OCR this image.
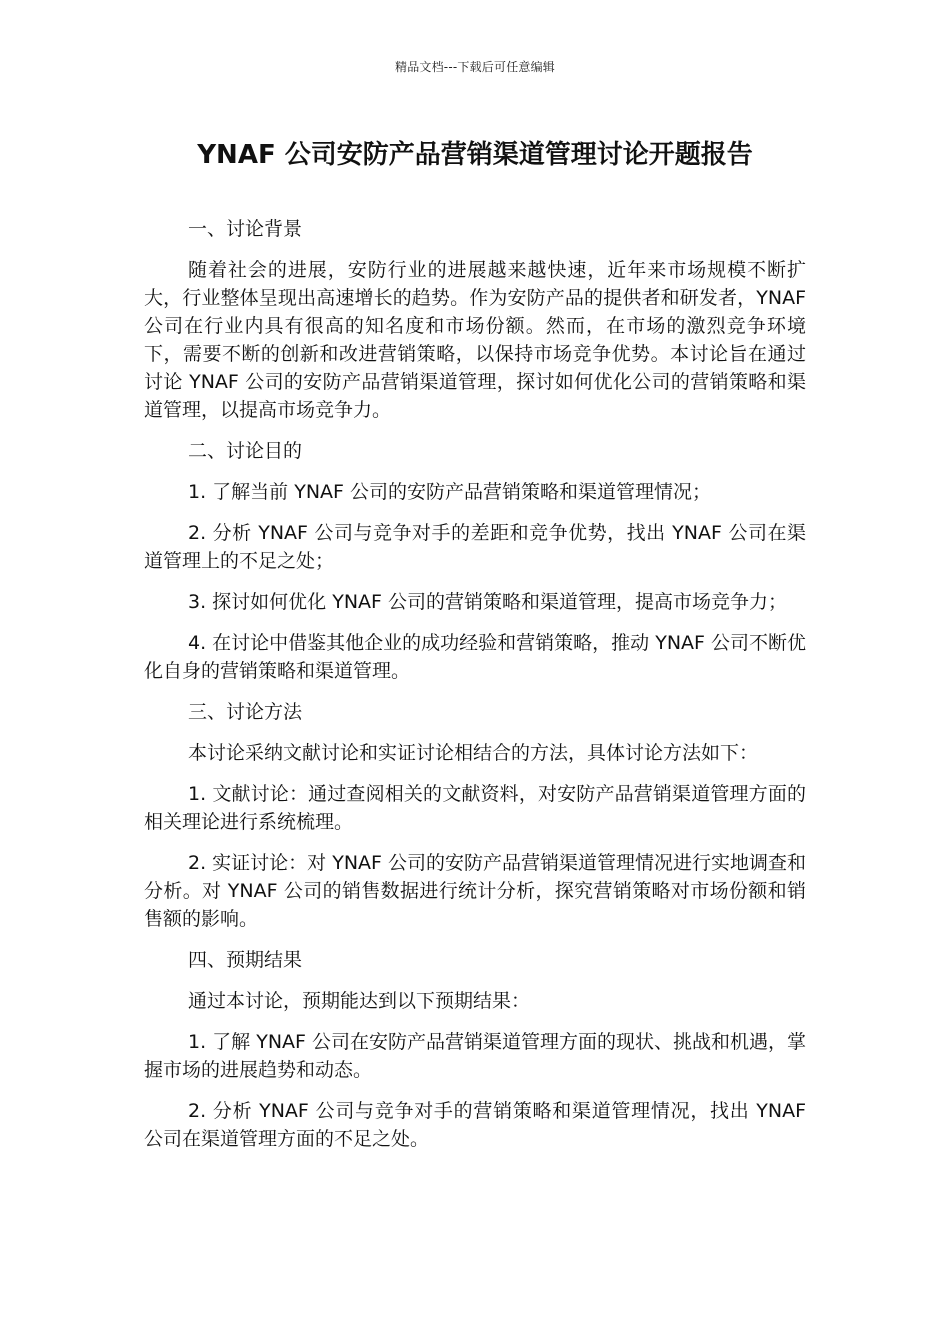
精品文档---下载后可任意编辑
YNAF 公司安防产品营销渠道管理讨论开题报告

一、讨论背景

随着社会的进展，安防行业的进展越来越快速，近年来市场规模不断扩大，行业整体呈现出高速增长的趋势。作为安防产品的提供者和研发者，YNAF 公司在行业内具有很高的知名度和市场份额。然而，在市场的激烈竞争环境下，需要不断的创新和改进营销策略，以保持市场竞争优势。本讨论旨在通过讨论 YNAF 公司的安防产品营销渠道管理，探讨如何优化公司的营销策略和渠道管理，以提高市场竞争力。

二、讨论目的

1. 了解当前 YNAF 公司的安防产品营销策略和渠道管理情况；

2. 分析 YNAF 公司与竞争对手的差距和竞争优势，找出 YNAF 公司在渠道管理上的不足之处；

3. 探讨如何优化 YNAF 公司的营销策略和渠道管理，提高市场竞争力；

4. 在讨论中借鉴其他企业的成功经验和营销策略，推动 YNAF 公司不断优化自身的营销策略和渠道管理。

三、讨论方法

本讨论采纳文献讨论和实证讨论相结合的方法，具体讨论方法如下：

1. 文献讨论：通过查阅相关的文献资料，对安防产品营销渠道管理方面的相关理论进行系统梳理。

2. 实证讨论：对 YNAF 公司的安防产品营销渠道管理情况进行实地调查和分析。对 YNAF 公司的销售数据进行统计分析，探究营销策略对市场份额和销售额的影响。

四、预期结果

通过本讨论，预期能达到以下预期结果：

1. 了解 YNAF 公司在安防产品营销渠道管理方面的现状、挑战和机遇，掌握市场的进展趋势和动态。

2. 分析 YNAF 公司与竞争对手的营销策略和渠道管理情况，找出 YNAF 公司在渠道管理方面的不足之处。
